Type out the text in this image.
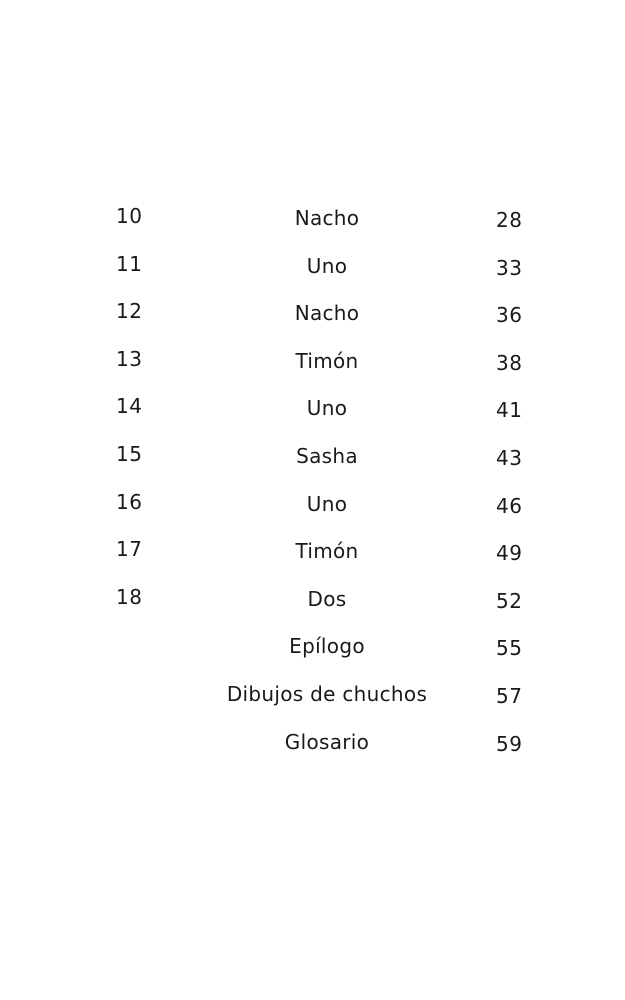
10	Nacho	28
11	Uno	33
12	Nacho	36
13	Timón	38
14	Uno	41
15	Sasha	43
16	Uno	46
17	Timón	49
18	Dos	52
Epílogo	55
Dibujos de chuchos	57
Glosario	59
